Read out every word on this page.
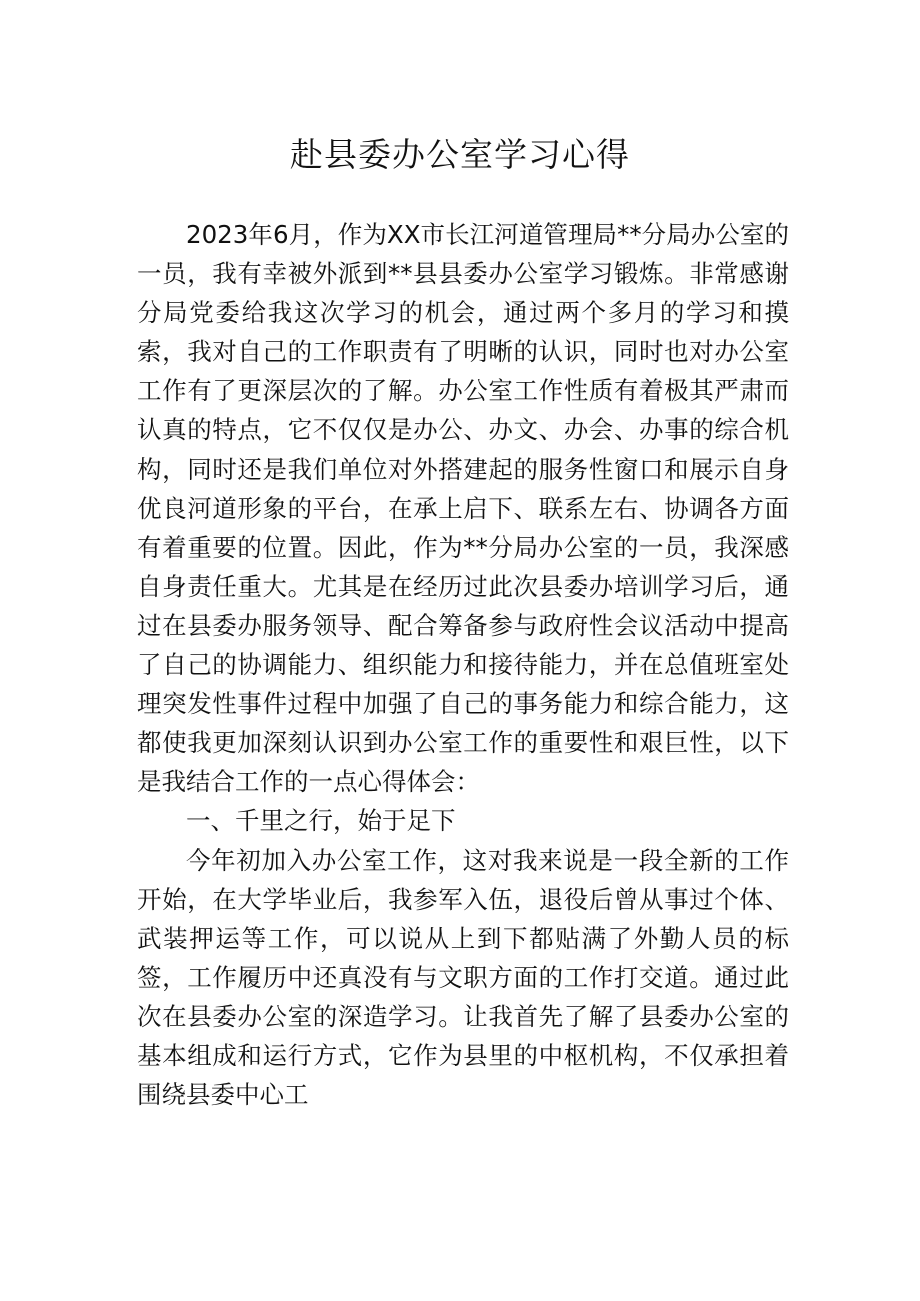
赴县委办公室学习心得

2023年6月，作为XX市长江河道管理局**分局办公室的一员，我有幸被外派到**县县委办公室学习锻炼。非常感谢分局党委给我这次学习的机会，通过两个多月的学习和摸索，我对自己的工作职责有了明晰的认识，同时也对办公室工作有了更深层次的了解。办公室工作性质有着极其严肃而认真的特点，它不仅仅是办公、办文、办会、办事的综合机构，同时还是我们单位对外搭建起的服务性窗口和展示自身优良河道形象的平台，在承上启下、联系左右、协调各方面有着重要的位置。因此，作为**分局办公室的一员，我深感自身责任重大。尤其是在经历过此次县委办培训学习后，通过在县委办服务领导、配合筹备参与政府性会议活动中提高了自己的协调能力、组织能力和接待能力，并在总值班室处理突发性事件过程中加强了自己的事务能力和综合能力，这都使我更加深刻认识到办公室工作的重要性和艰巨性，以下是我结合工作的一点心得体会：

一、千里之行，始于足下

今年初加入办公室工作，这对我来说是一段全新的工作开始，在大学毕业后，我参军入伍，退役后曾从事过个体、武装押运等工作，可以说从上到下都贴满了外勤人员的标签，工作履历中还真没有与文职方面的工作打交道。通过此次在县委办公室的深造学习。让我首先了解了县委办公室的基本组成和运行方式，它作为县里的中枢机构，不仅承担着围绕县委中心工
